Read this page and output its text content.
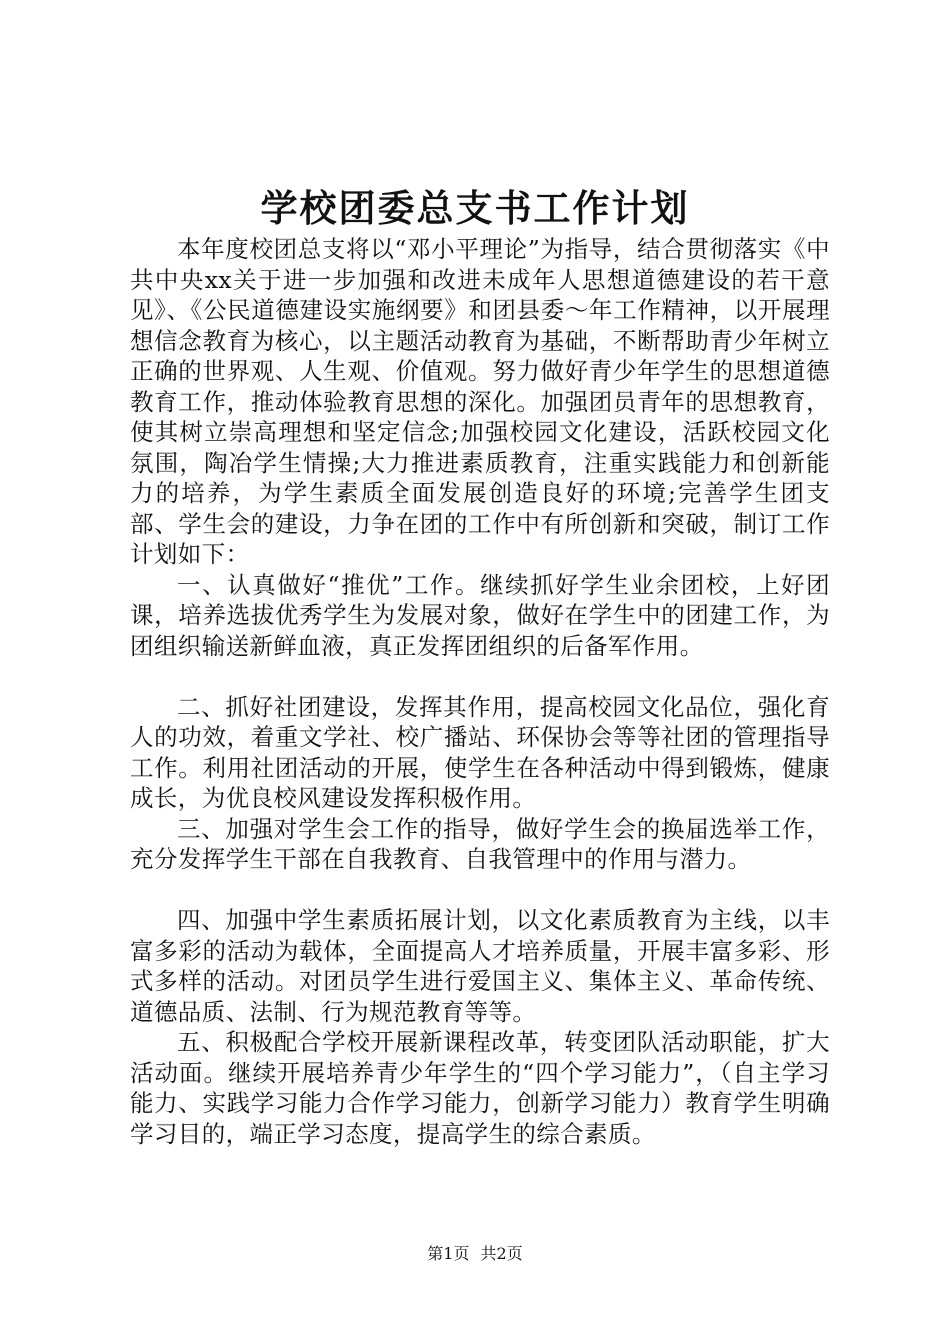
学校团委总支书工作计划

本年度校团总支将以“邓小平理论”为指导，结合贯彻落实《中共中央xx关于进一步加强和改进未成年人思想道德建设的若干意见》、《公民道德建设实施纲要》和团县委～年工作精神，以开展理想信念教育为核心，以主题活动教育为基础，不断帮助青少年树立正确的世界观、人生观、价值观。努力做好青少年学生的思想道德教育工作，推动体验教育思想的深化。加强团员青年的思想教育，使其树立崇高理想和坚定信念;加强校园文化建设，活跃校园文化氛围，陶冶学生情操;大力推进素质教育，注重实践能力和创新能力的培养，为学生素质全面发展创造良好的环境;完善学生团支部、学生会的建设，力争在团的工作中有所创新和突破，制订工作计划如下：

一、认真做好“推优”工作。继续抓好学生业余团校，上好团课，培养选拔优秀学生为发展对象，做好在学生中的团建工作，为团组织输送新鲜血液，真正发挥团组织的后备军作用。

二、抓好社团建设，发挥其作用，提高校园文化品位，强化育人的功效，着重文学社、校广播站、环保协会等等社团的管理指导工作。利用社团活动的开展，使学生在各种活动中得到锻炼，健康成长，为优良校风建设发挥积极作用。

三、加强对学生会工作的指导，做好学生会的换届选举工作，充分发挥学生干部在自我教育、自我管理中的作用与潜力。

四、加强中学生素质拓展计划，以文化素质教育为主线，以丰富多彩的活动为载体，全面提高人才培养质量，开展丰富多彩、形式多样的活动。对团员学生进行爱国主义、集体主义、革命传统、道德品质、法制、行为规范教育等等。

五、积极配合学校开展新课程改革，转变团队活动职能，扩大活动面。继续开展培养青少年学生的“四个学习能力”，（自主学习能力、实践学习能力合作学习能力，创新学习能力）教育学生明确学习目的，端正学习态度，提高学生的综合素质。

第1页 共2页
